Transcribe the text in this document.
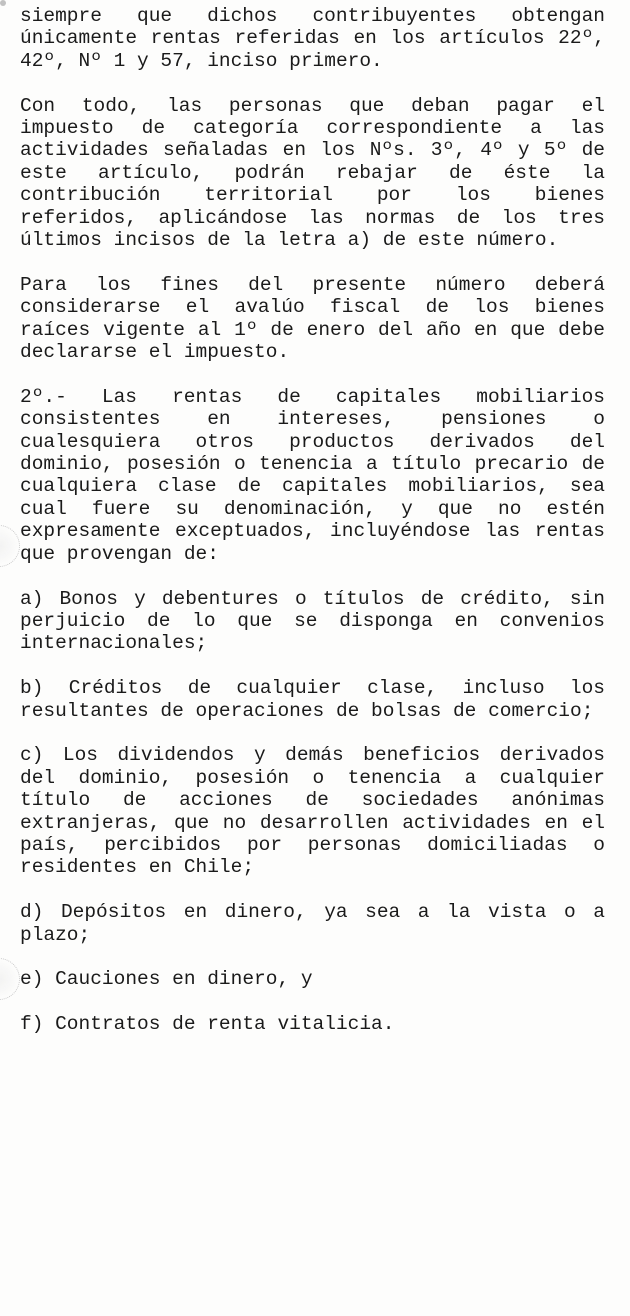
siempre que dichos contribuyentes obtengan únicamente rentas referidas en los artículos 22º, 42º, Nº 1 y 57, inciso primero.

Con todo, las personas que deban pagar el impuesto de categoría correspondiente a las actividades señaladas en los Nºs. 3º, 4º y 5º de este artículo, podrán rebajar de éste la contribución territorial por los bienes referidos, aplicándose las normas de los tres últimos incisos de la letra a) de este número.

Para los fines del presente número deberá considerarse el avalúo fiscal de los bienes raíces vigente al 1º de enero del año en que debe declararse el impuesto.

2º.- Las rentas de capitales mobiliarios consistentes en intereses, pensiones o cualesquiera otros productos derivados del dominio, posesión o tenencia a título precario de cualquiera clase de capitales mobiliarios, sea cual fuere su denominación, y que no estén expresamente exceptuados, incluyéndose las rentas que provengan de:

a) Bonos y debentures o títulos de crédito, sin perjuicio de lo que se disponga en convenios internacionales;

b) Créditos de cualquier clase, incluso los resultantes de operaciones de bolsas de comercio;

c) Los dividendos y demás beneficios derivados del dominio, posesión o tenencia a cualquier título de acciones de sociedades anónimas extranjeras, que no desarrollen actividades en el país, percibidos por personas domiciliadas o residentes en Chile;

d) Depósitos en dinero, ya sea a la vista o a plazo;

e) Cauciones en dinero, y

f) Contratos de renta vitalicia.
